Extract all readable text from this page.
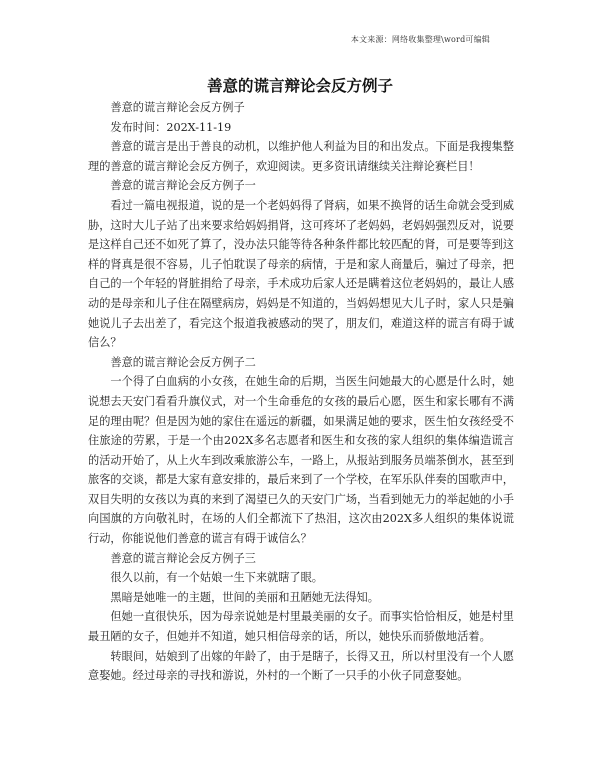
本文来源：网络收集整理\word可编辑
善意的谎言辩论会反方例子

善意的谎言辩论会反方例子

发布时间：202X-11-19

善意的谎言是出于善良的动机，以维护他人利益为目的和出发点。下面是我搜集整理的善意的谎言辩论会反方例子，欢迎阅读。更多资讯请继续关注辩论赛栏目！

善意的谎言辩论会反方例子一

看过一篇电视报道，说的是一个老妈妈得了肾病，如果不换肾的话生命就会受到威胁，这时大儿子站了出来要求给妈妈捐肾，这可疼坏了老妈妈，老妈妈强烈反对，说要是这样自己还不如死了算了，没办法只能等待各种条件都比较匹配的肾，可是要等到这样的肾真是很不容易，儿子怕耽误了母亲的病情，于是和家人商量后，骗过了母亲，把自己的一个年轻的肾脏捐给了母亲，手术成功后家人还是瞒着这位老妈妈的，最让人感动的是母亲和儿子住在隔壁病房，妈妈是不知道的，当妈妈想见大儿子时，家人只是骗她说儿子去出差了，看完这个报道我被感动的哭了，朋友们，难道这样的谎言有碍于诚信么？

善意的谎言辩论会反方例子二

一个得了白血病的小女孩，在她生命的后期，当医生问她最大的心愿是什么时，她说想去天安门看看升旗仪式，对一个生命垂危的女孩的最后心愿，医生和家长哪有不满足的理由呢？但是因为她的家住在遥远的新疆，如果满足她的要求，医生怕女孩经受不住旅途的劳累，于是一个由202X多名志愿者和医生和女孩的家人组织的集体编造谎言的活动开始了，从上火车到改乘旅游公车，一路上，从报站到服务员端茶倒水，甚至到旅客的交谈，都是大家有意安排的，最后来到了一个学校，在军乐队伴奏的国歌声中，双目失明的女孩以为真的来到了渴望已久的天安门广场，当看到她无力的举起她的小手向国旗的方向敬礼时，在场的人们全都流下了热泪，这次由202X多人组织的集体说谎行动，你能说他们善意的谎言有碍于诚信么？

善意的谎言辩论会反方例子三

很久以前，有一个姑娘一生下来就瞎了眼。

黑暗是她唯一的主题，世间的美丽和丑陋她无法得知。

但她一直很快乐，因为母亲说她是村里最美丽的女子。而事实恰恰相反，她是村里最丑陋的女子，但她并不知道，她只相信母亲的话，所以，她快乐而骄傲地活着。

转眼间，姑娘到了出嫁的年龄了，由于是瞎子，长得又丑，所以村里没有一个人愿意娶她。经过母亲的寻找和游说，外村的一个断了一只手的小伙子同意娶她。
